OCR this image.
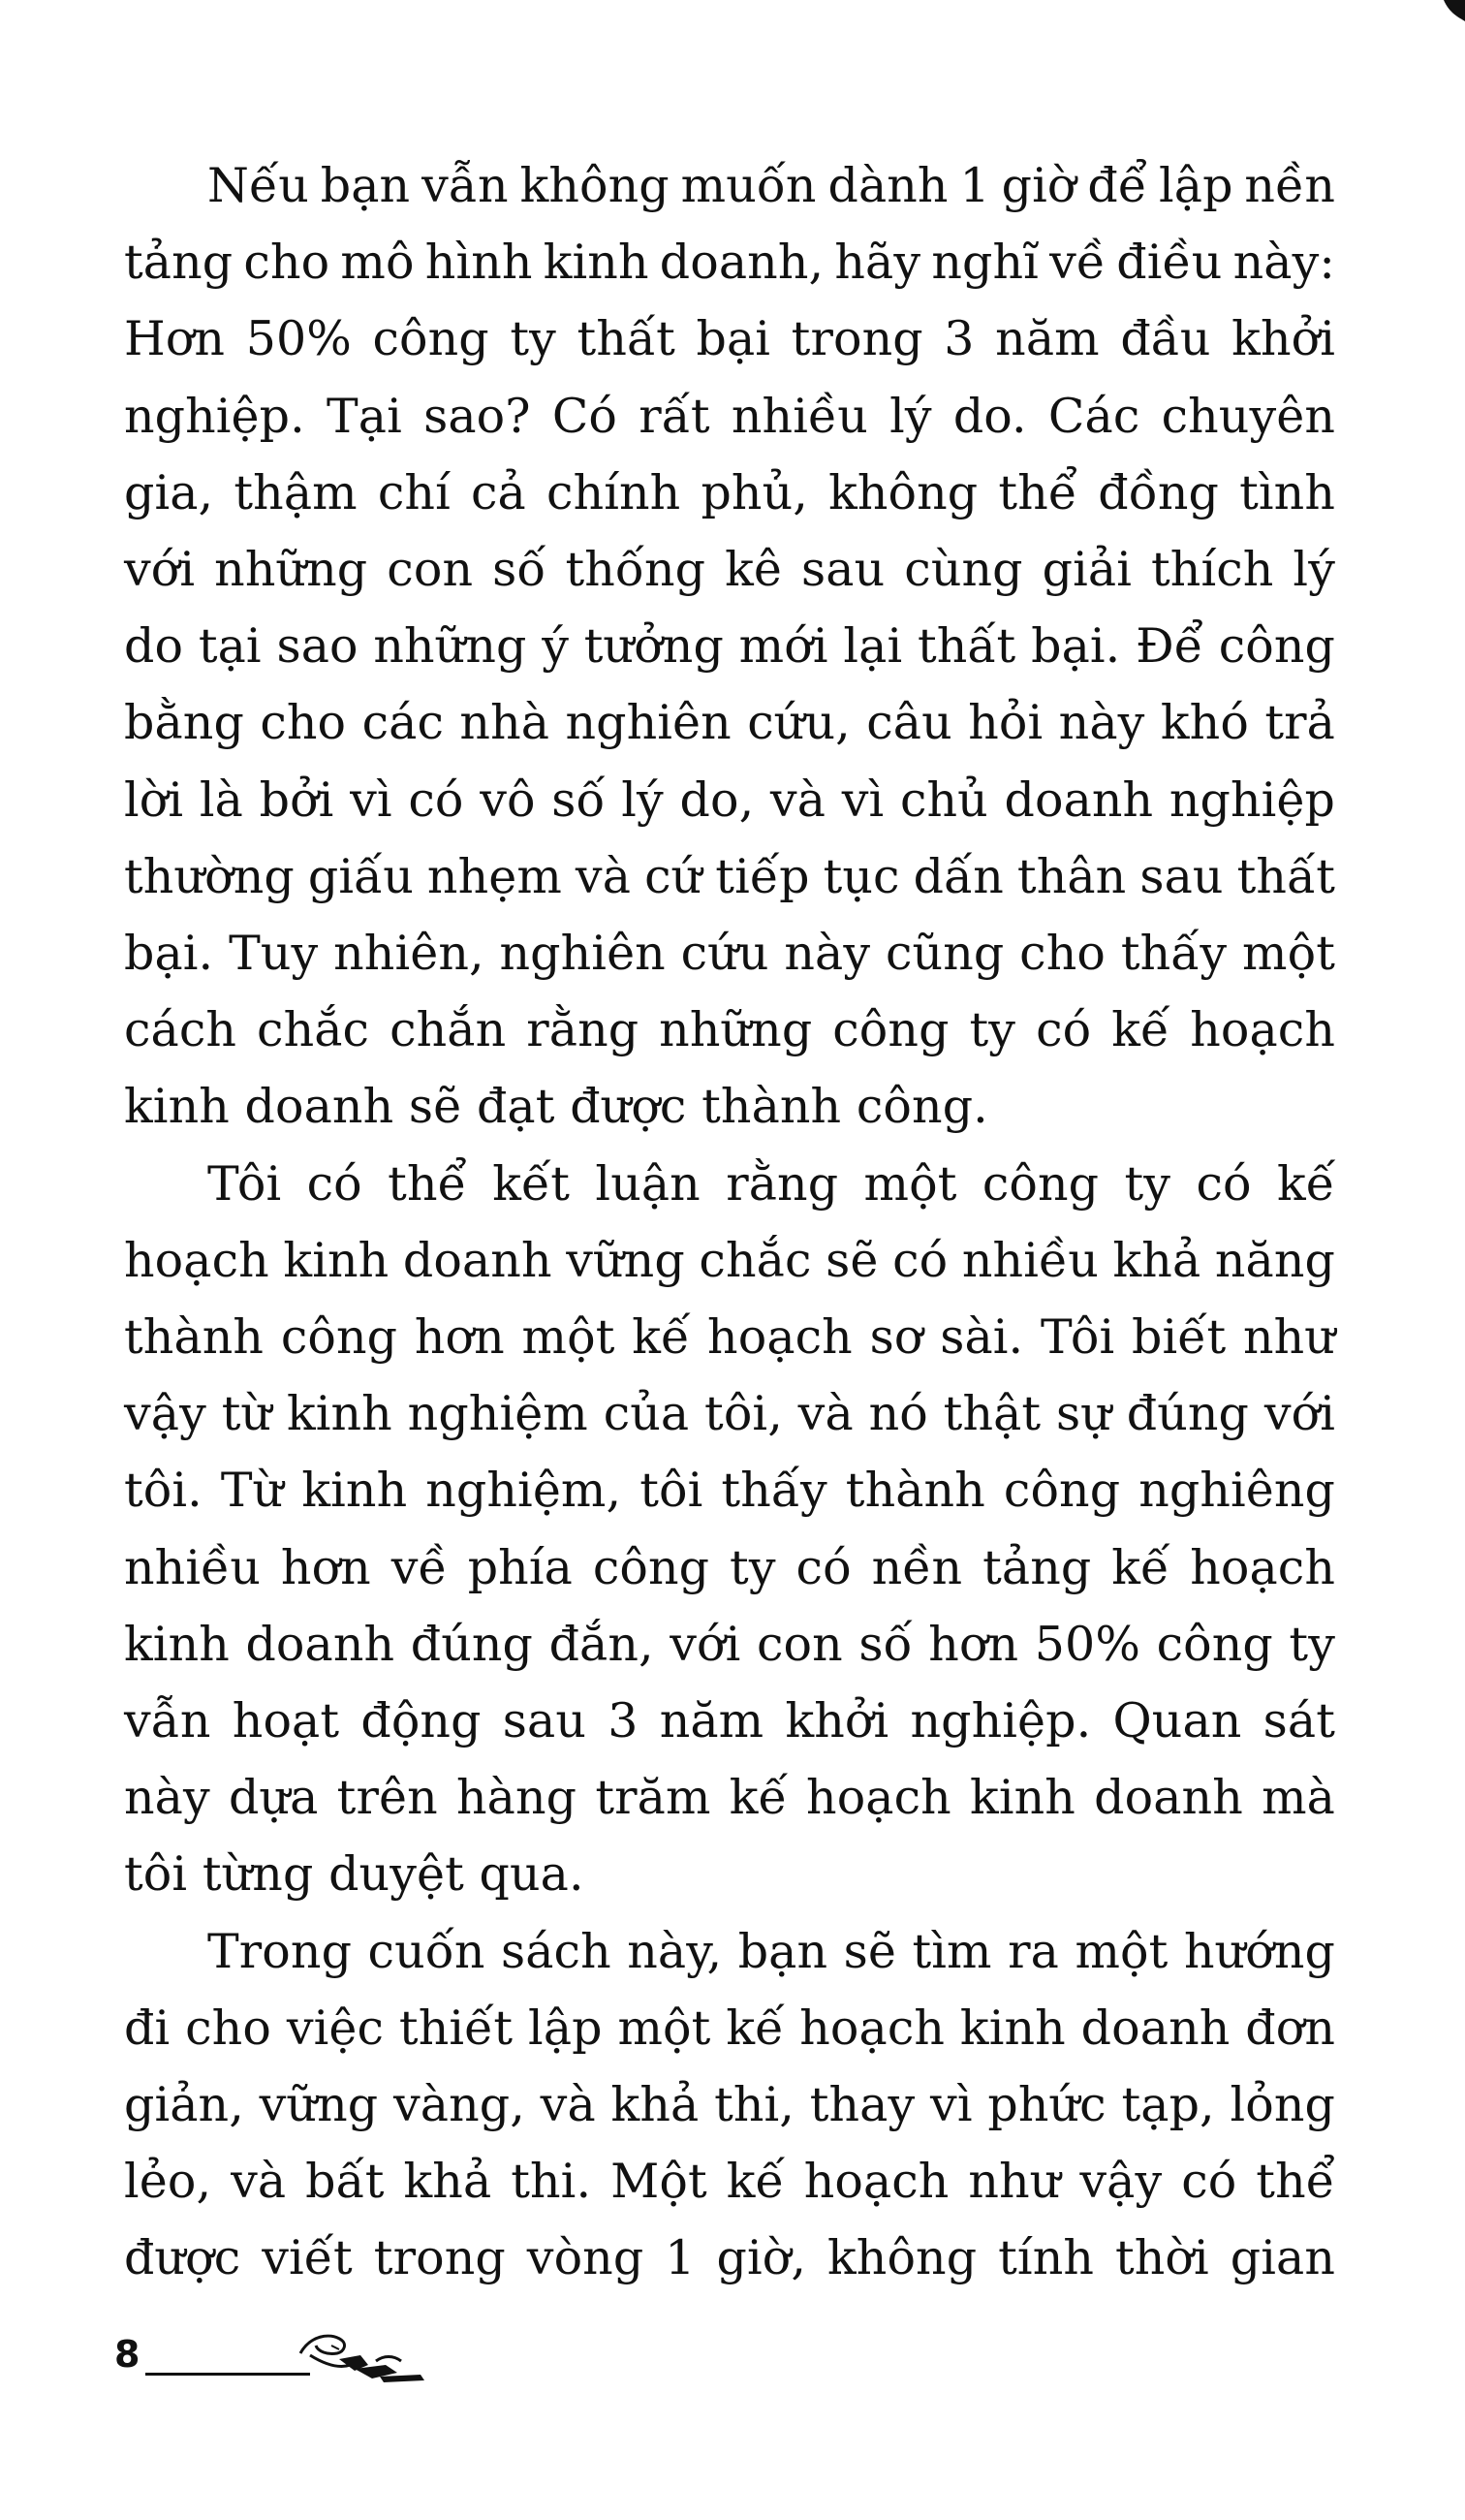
Nếu bạn vẫn không muốn dành 1 giờ để lập nền
tảng cho mô hình kinh doanh, hãy nghĩ về điều này:
Hơn 50% công ty thất bại trong 3 năm đầu khởi
nghiệp. Tại sao? Có rất nhiều lý do. Các chuyên
gia, thậm chí cả chính phủ, không thể đồng tình
với những con số thống kê sau cùng giải thích lý
do tại sao những ý tưởng mới lại thất bại. Để công
bằng cho các nhà nghiên cứu, câu hỏi này khó trả
lời là bởi vì có vô số lý do, và vì chủ doanh nghiệp
thường giấu nhẹm và cứ tiếp tục dấn thân sau thất
bại. Tuy nhiên, nghiên cứu này cũng cho thấy một
cách chắc chắn rằng những công ty có kế hoạch
kinh doanh sẽ đạt được thành công.

Tôi có thể kết luận rằng một công ty có kế
hoạch kinh doanh vững chắc sẽ có nhiều khả năng
thành công hơn một kế hoạch sơ sài. Tôi biết như
vậy từ kinh nghiệm của tôi, và nó thật sự đúng với
tôi. Từ kinh nghiệm, tôi thấy thành công nghiêng
nhiều hơn về phía công ty có nền tảng kế hoạch
kinh doanh đúng đắn, với con số hơn 50% công ty
vẫn hoạt động sau 3 năm khởi nghiệp. Quan sát
này dựa trên hàng trăm kế hoạch kinh doanh mà
tôi từng duyệt qua.

Trong cuốn sách này, bạn sẽ tìm ra một hướng
đi cho việc thiết lập một kế hoạch kinh doanh đơn
giản, vững vàng, và khả thi, thay vì phức tạp, lỏng
lẻo, và bất khả thi. Một kế hoạch như vậy có thể
được viết trong vòng 1 giờ, không tính thời gian

8
